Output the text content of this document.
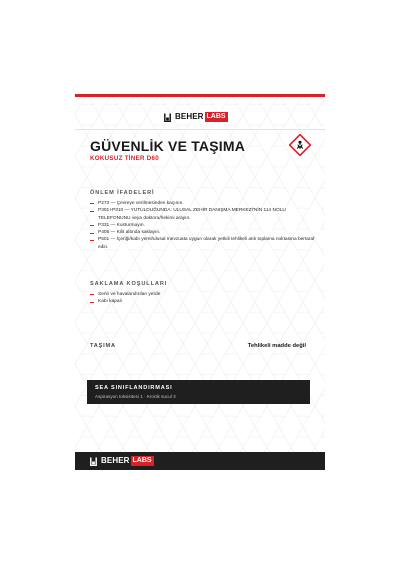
BEHER LABS
GÜVENLİK VE TAŞIMA
KOKUSUZ TİNER D60
ÖNLEM İFADELERİ
P273 — Çevreye verilmesinden kaçının.
P301+P310 — YUTULDUĞUNDA: ULUSAL ZEHİR DANIŞMA MERKEZİ'NİN 114 NOLU TELEFONUNU veya doktoru/hekimi arayın.
P331 — Kusturmayın.
P405 — Kilit altında saklayın.
P501 — İçeriği/kabı yerel/ulusal mevzuata uygun olarak yetkili tehlikeli atık toplama noktasına bertaraf edin.
SAKLAMA KOŞULLARI
Serin ve havalandırılan yerde
Kabı kapalı
TAŞIMA	Tehlikeli madde değil
SEA SINIFLANDIRMASI
Aspirasyon toksisitesi 1 · Kronik sucul 3
BEHER LABS
